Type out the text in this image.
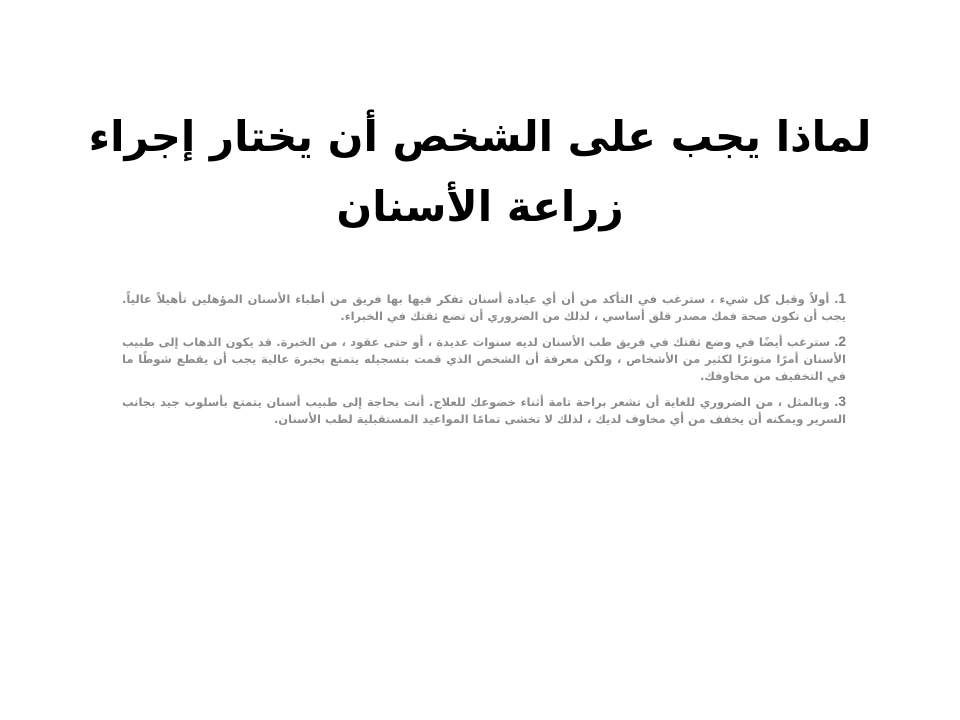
لماذا يجب على الشخص أن يختار إجراء زراعة الأسنان

1. أولاً وقبل كل شيء ، سترغب في التأكد من أن أي عيادة أسنان تفكر فيها بها فريق من أطباء الأسنان المؤهلين تأهيلاً عالياً. يجب أن تكون صحة فمك مصدر قلق أساسي ، لذلك من الضروري أن تضع ثقتك في الخبراء.

2. سترغب أيضًا في وضع ثقتك في فريق طب الأسنان لديه سنوات عديدة ، أو حتى عقود ، من الخبرة. قد يكون الذهاب إلى طبيب الأسنان أمرًا متوترًا لكثير من الأشخاص ، ولكن معرفة أن الشخص الذي قمت بتسجيله يتمتع بخبرة عالية يجب أن يقطع شوطًا ما في التخفيف من مخاوفك.

3. وبالمثل ، من الضروري للغاية أن تشعر براحة تامة أثناء خضوعك للعلاج. أنت بحاجة إلى طبيب أسنان يتمتع بأسلوب جيد بجانب السرير ويمكنه أن يخفف من أي مخاوف لديك ، لذلك لا تخشى تمامًا المواعيد المستقبلية لطب الأسنان.
